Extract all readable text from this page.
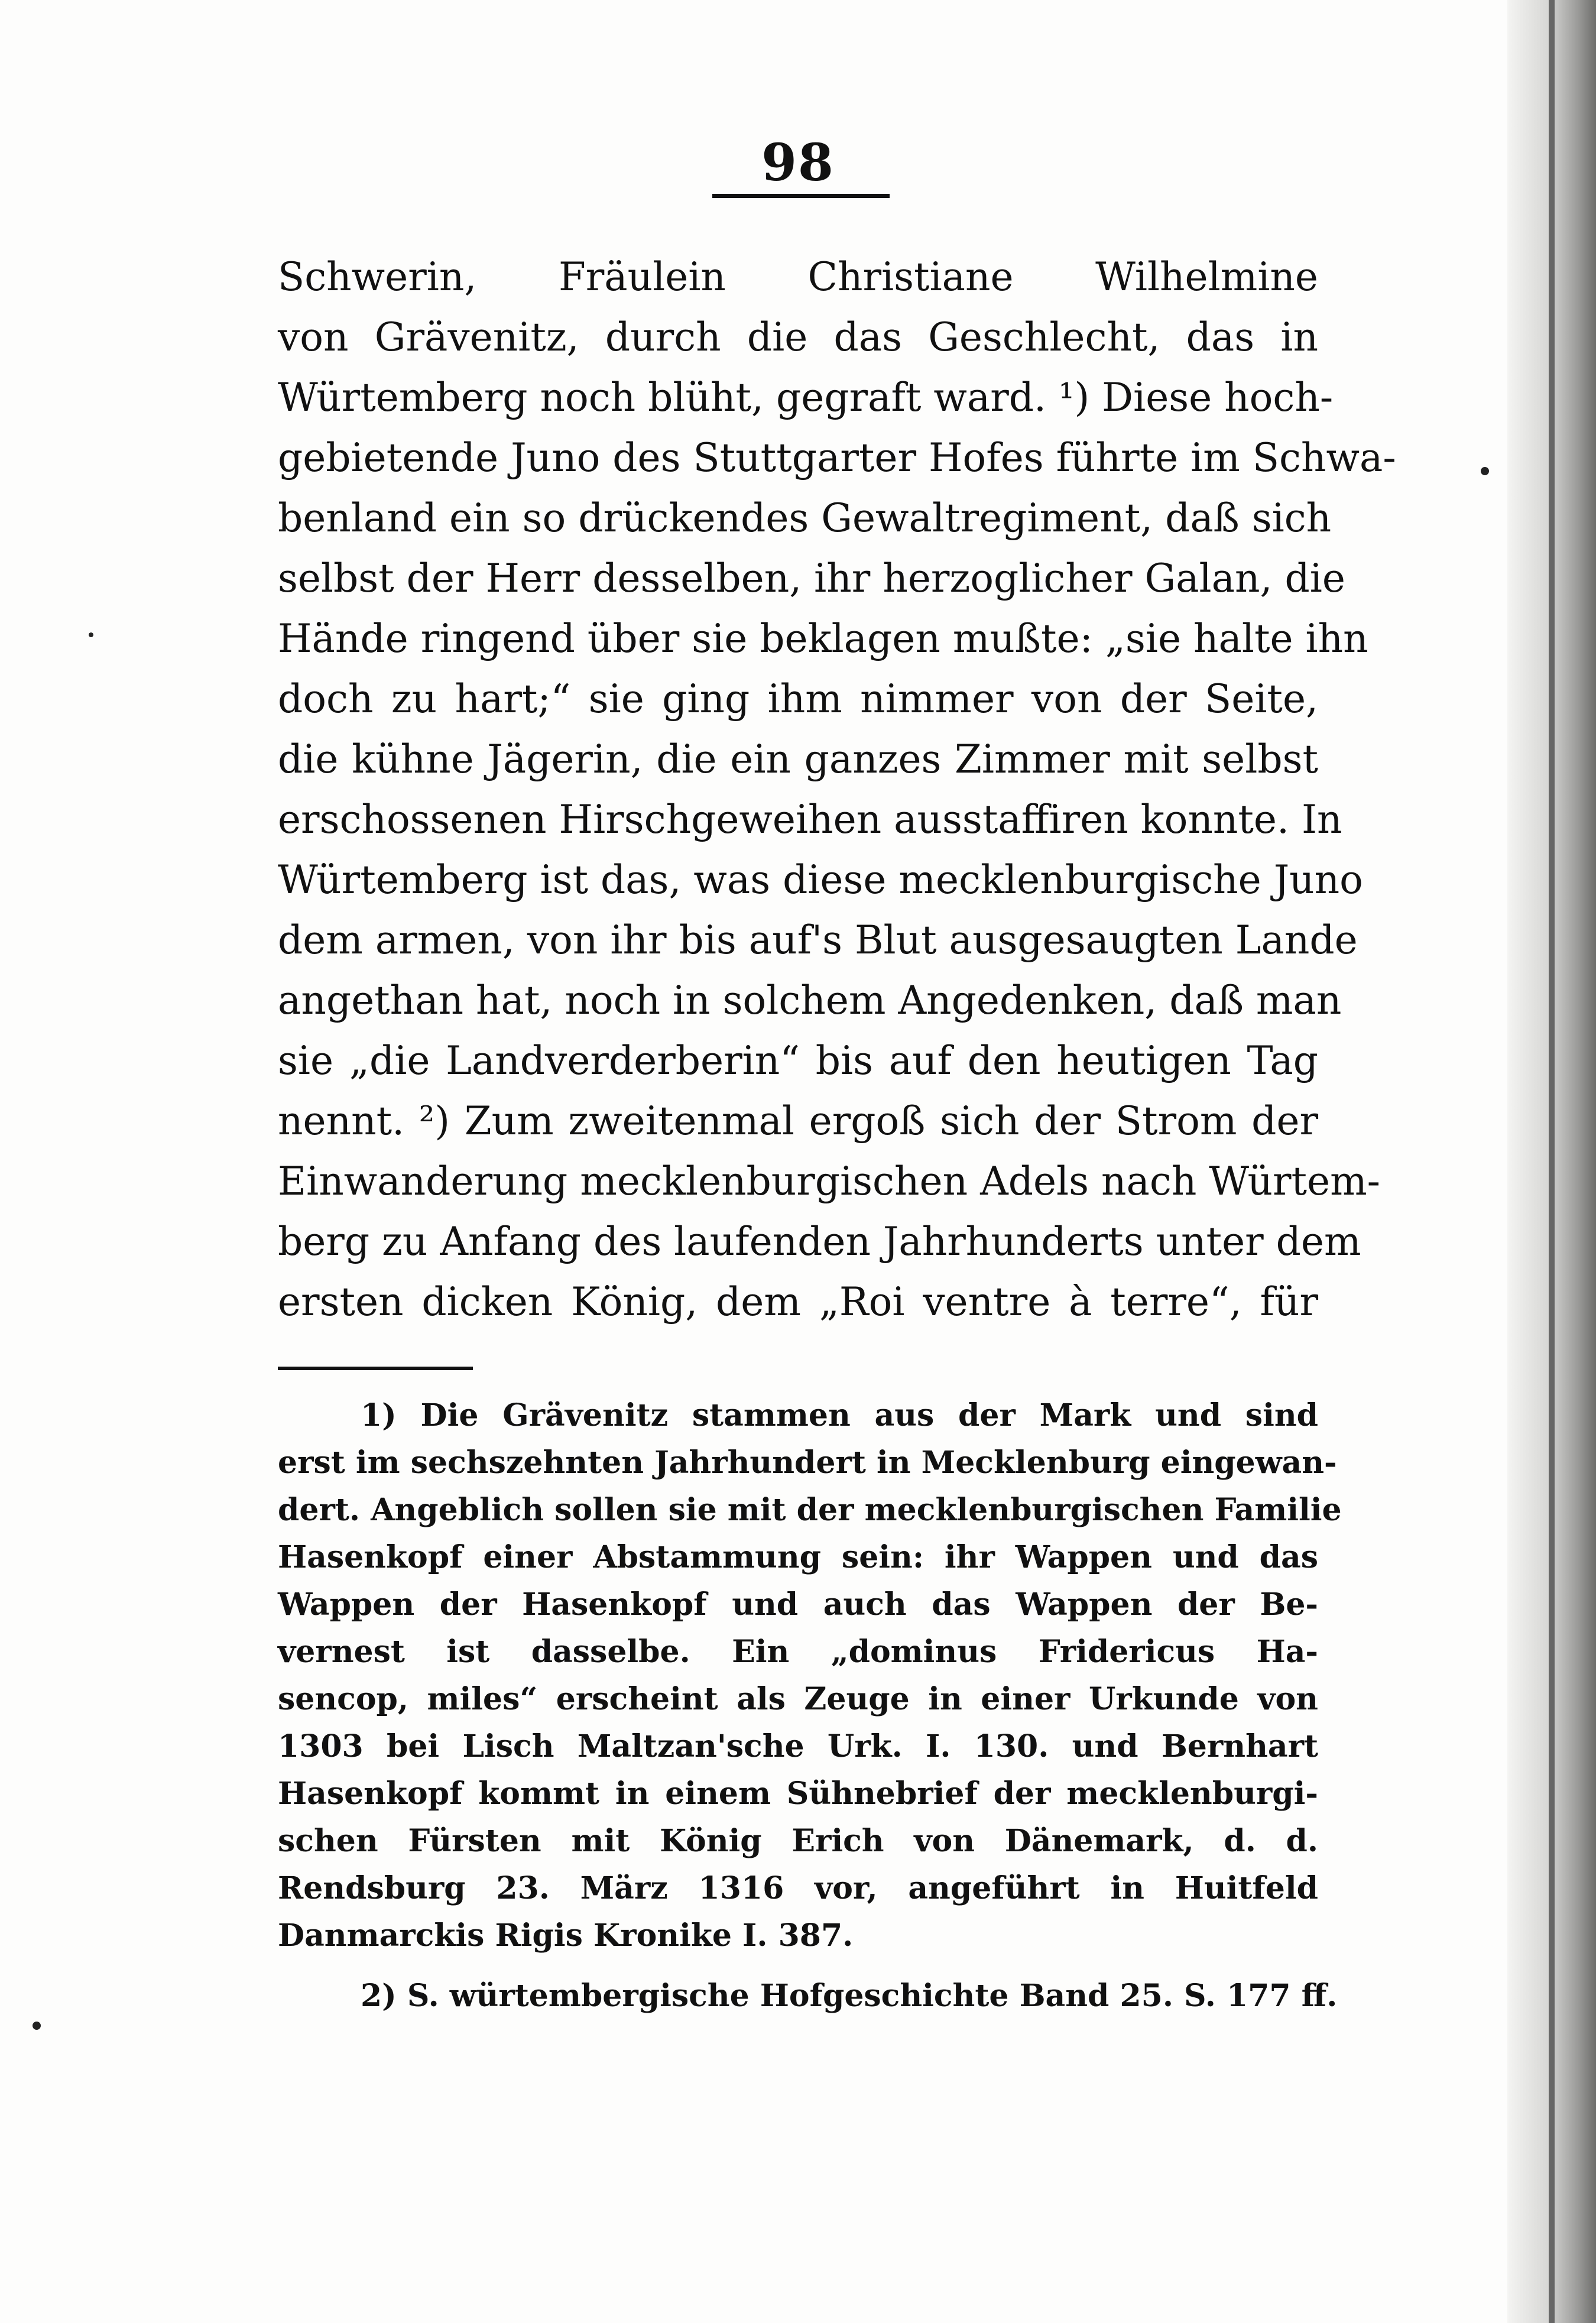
98
Schwerin, Fräulein Christiane Wilhelmine
von Grävenitz, durch die das Geschlecht, das in
Würtemberg noch blüht, gegraft ward. ¹) Diese hoch-
gebietende Juno des Stuttgarter Hofes führte im Schwa-
benland ein so drückendes Gewaltregiment, daß sich
selbst der Herr desselben, ihr herzoglicher Galan, die
Hände ringend über sie beklagen mußte: „sie halte ihn
doch zu hart;“ sie ging ihm nimmer von der Seite,
die kühne Jägerin, die ein ganzes Zimmer mit selbst
erschossenen Hirschgeweihen ausstaffiren konnte. In
Würtemberg ist das, was diese mecklenburgische Juno
dem armen, von ihr bis auf's Blut ausgesaugten Lande
angethan hat, noch in solchem Angedenken, daß man
sie „die Landverderberin“ bis auf den heutigen Tag
nennt. ²) Zum zweitenmal ergoß sich der Strom der
Einwanderung mecklenburgischen Adels nach Würtem-
berg zu Anfang des laufenden Jahrhunderts unter dem
ersten dicken König, dem „Roi ventre à terre“, für
1) Die Grävenitz stammen aus der Mark und sind
erst im sechszehnten Jahrhundert in Mecklenburg eingewan-
dert. Angeblich sollen sie mit der mecklenburgischen Familie
Hasenkopf einer Abstammung sein: ihr Wappen und das
Wappen der Hasenkopf und auch das Wappen der Be-
vernest ist dasselbe. Ein „dominus Fridericus Ha-
sencop, miles“ erscheint als Zeuge in einer Urkunde von
1303 bei Lisch Maltzan'sche Urk. I. 130. und Bernhart
Hasenkopf kommt in einem Sühnebrief der mecklenburgi-
schen Fürsten mit König Erich von Dänemark, d. d.
Rendsburg 23. März 1316 vor, angeführt in Huitfeld
Danmarckis Rigis Kronike I. 387.
2) S. würtembergische Hofgeschichte Band 25. S. 177 ff.
